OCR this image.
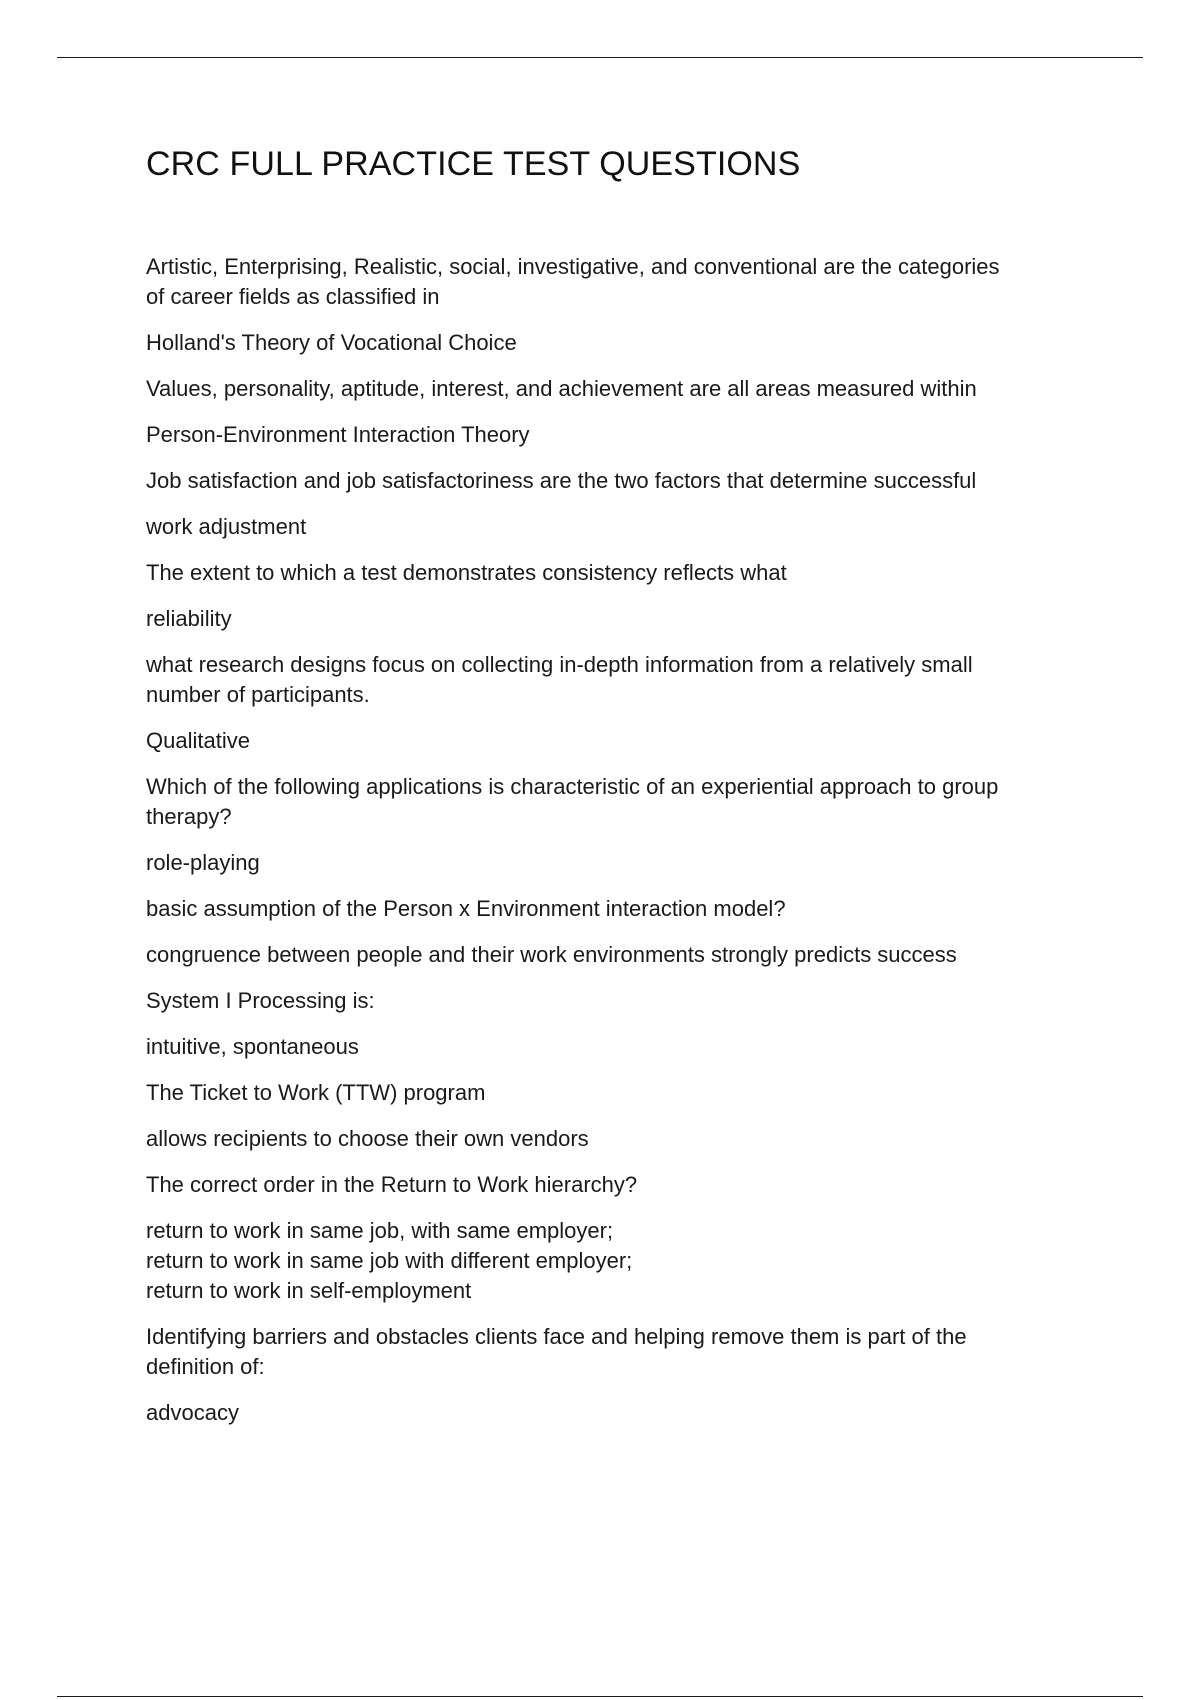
CRC FULL PRACTICE TEST QUESTIONS
Artistic, Enterprising, Realistic, social, investigative, and conventional are the categories
of career fields as classified in
Holland's Theory of Vocational Choice
Values, personality, aptitude, interest, and achievement are all areas measured within
Person-Environment Interaction Theory
Job satisfaction and job satisfactoriness are the two factors that determine successful
work adjustment
The extent to which a test demonstrates consistency reflects what
reliability
what research designs focus on collecting in-depth information from a relatively small
number of participants.
Qualitative
Which of the following applications is characteristic of an experiential approach to group
therapy?
role-playing
basic assumption of the Person x Environment interaction model?
congruence between people and their work environments strongly predicts success
System I Processing is:
intuitive, spontaneous
The Ticket to Work (TTW) program
allows recipients to choose their own vendors
The correct order in the Return to Work hierarchy?
return to work in same job, with same employer;
return to work in same job with different employer;
return to work in self-employment
Identifying barriers and obstacles clients face and helping remove them is part of the
definition of:
advocacy
